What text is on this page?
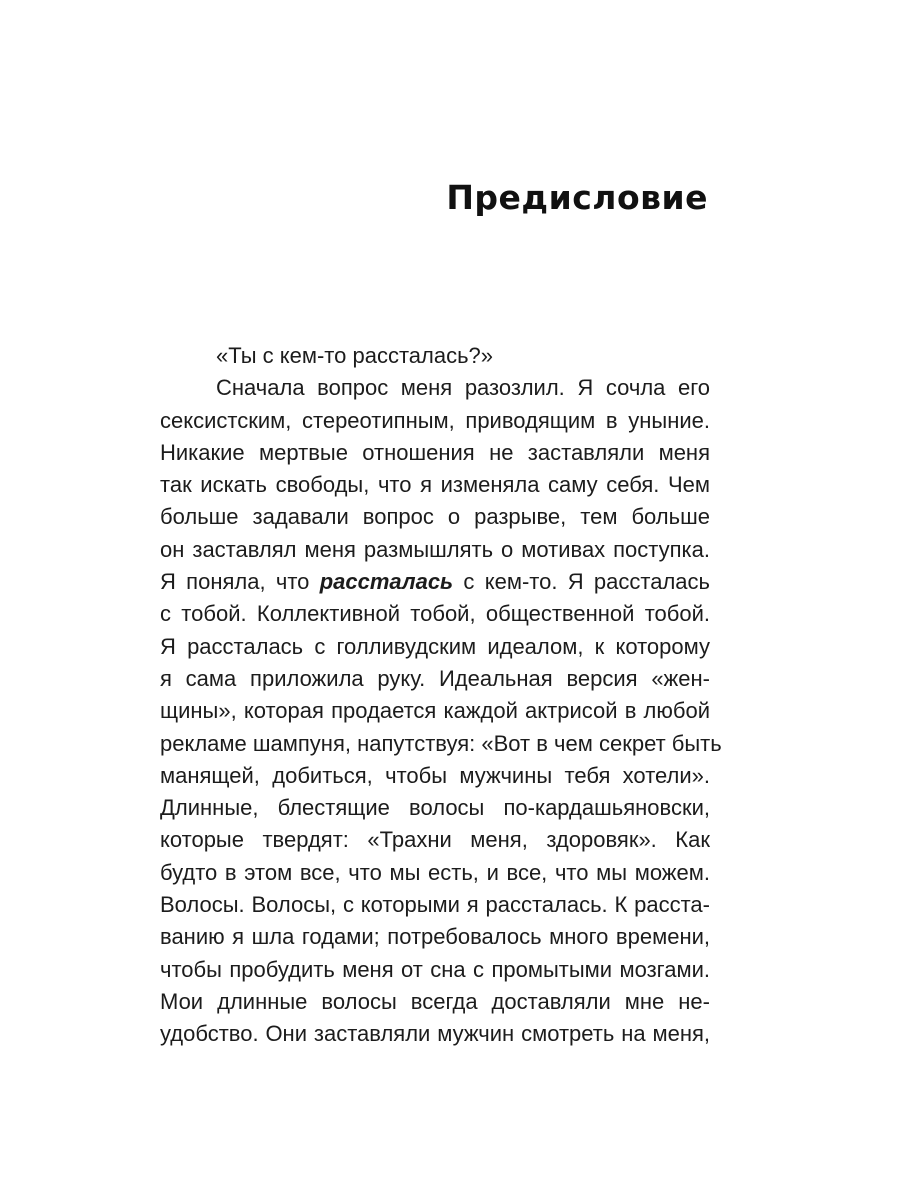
Предисловие
«Ты с кем-то рассталась?»
Сначала вопрос меня разозлил. Я сочла его
сексистским, стереотипным, приводящим в уныние.
Никакие мертвые отношения не заставляли меня
так искать свободы, что я изменяла саму себя. Чем
больше задавали вопрос о разрыве, тем больше
он заставлял меня размышлять о мотивах поступка.
Я поняла, что рассталась с кем-то. Я рассталась
с тобой. Коллективной тобой, общественной тобой.
Я рассталась с голливудским идеалом, к которому
я сама приложила руку. Идеальная версия «жен-
щины», которая продается каждой актрисой в любой
рекламе шампуня, напутствуя: «Вот в чем секрет быть
манящей, добиться, чтобы мужчины тебя хотели».
Длинные, блестящие волосы по-кардашьяновски,
которые твердят: «Трахни меня, здоровяк». Как
будто в этом все, что мы есть, и все, что мы можем.
Волосы. Волосы, с которыми я рассталась. К расста-
ванию я шла годами; потребовалось много времени,
чтобы пробудить меня от сна с промытыми мозгами.
Мои длинные волосы всегда доставляли мне не-
удобство. Они заставляли мужчин смотреть на меня,
